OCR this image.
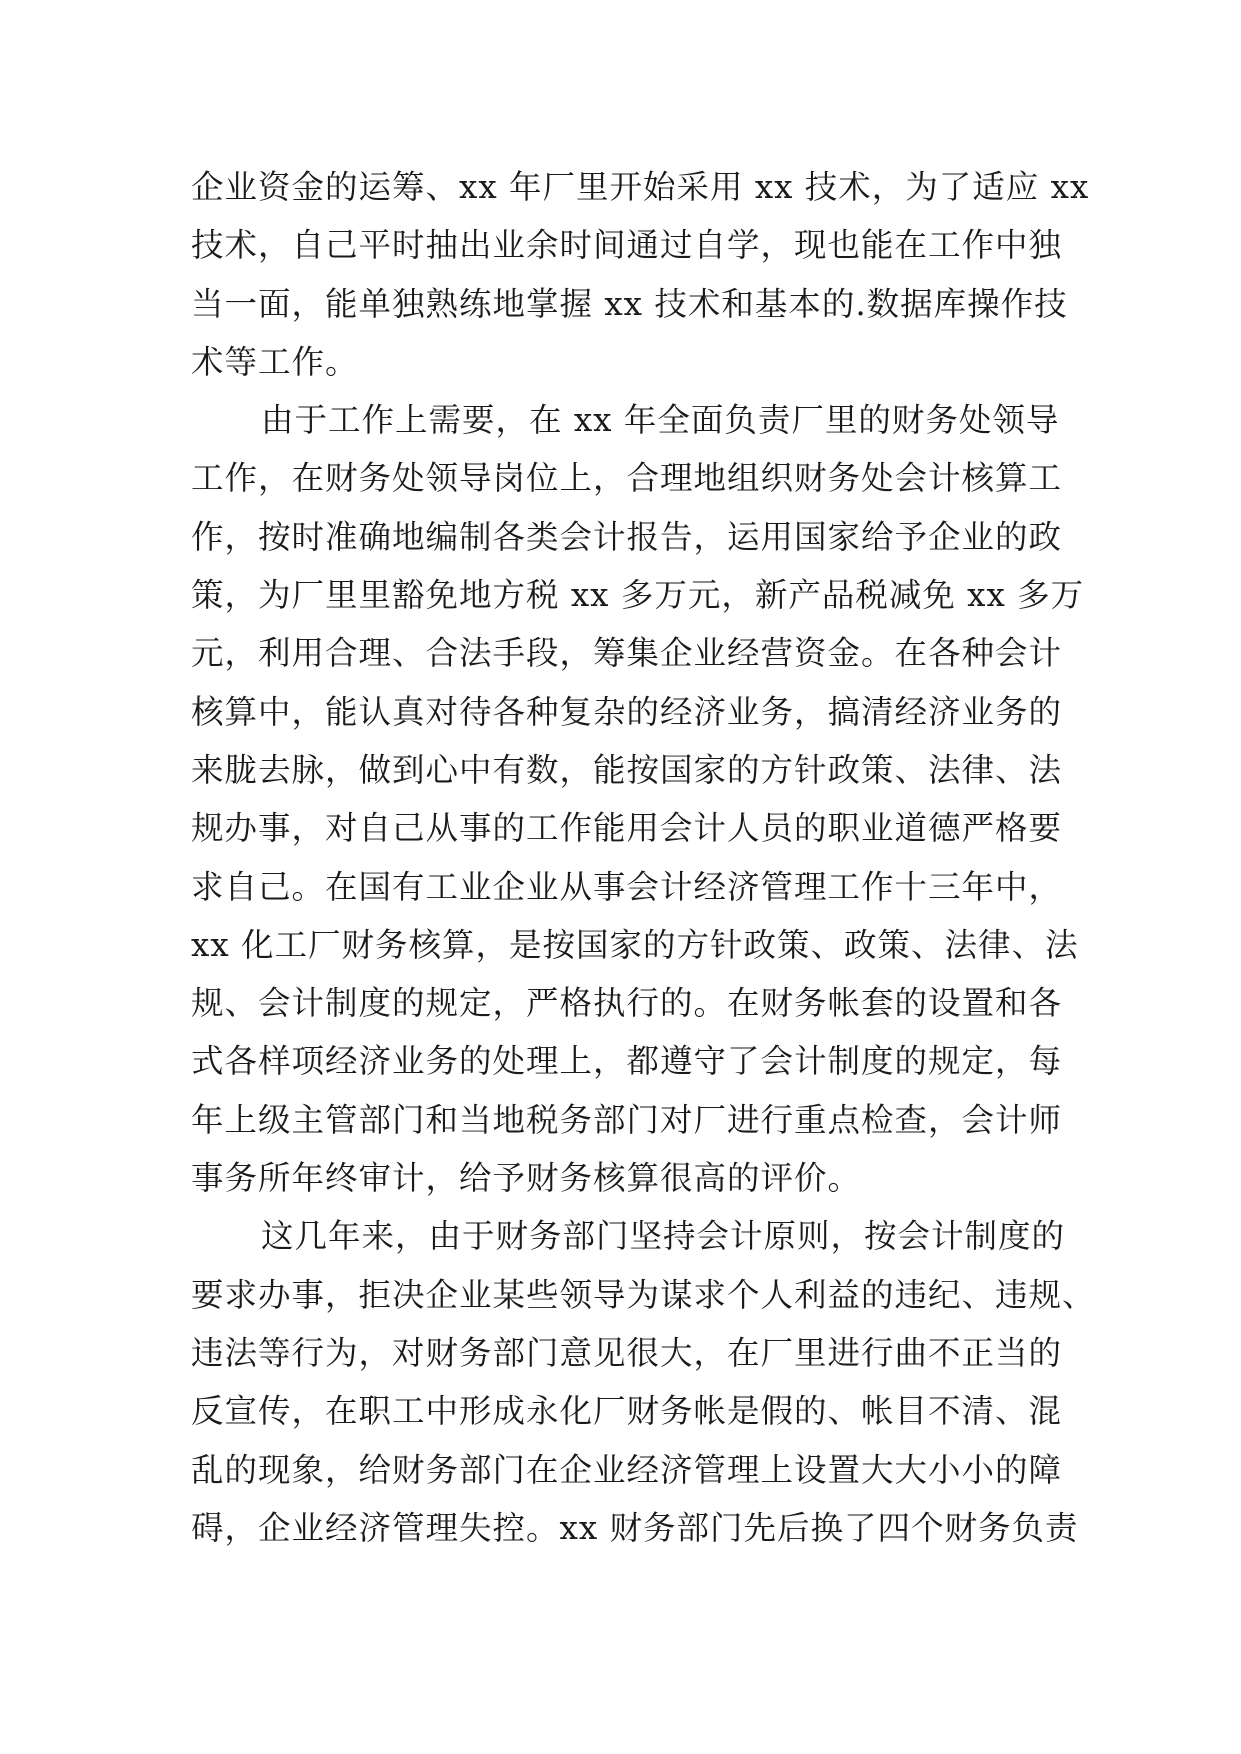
企业资金的运筹、xx 年厂里开始采用 xx 技术，为了适应 xx
技术，自己平时抽出业余时间通过自学，现也能在工作中独
当一面，能单独熟练地掌握 xx 技术和基本的.数据库操作技
术等工作。
由于工作上需要，在 xx 年全面负责厂里的财务处领导
工作，在财务处领导岗位上，合理地组织财务处会计核算工
作，按时准确地编制各类会计报告，运用国家给予企业的政
策，为厂里里豁免地方税 xx 多万元，新产品税减免 xx 多万
元，利用合理、合法手段，筹集企业经营资金。在各种会计
核算中，能认真对待各种复杂的经济业务，搞清经济业务的
来胧去脉，做到心中有数，能按国家的方针政策、法律、法
规办事，对自己从事的工作能用会计人员的职业道德严格要
求自己。在国有工业企业从事会计经济管理工作十三年中，
xx 化工厂财务核算，是按国家的方针政策、政策、法律、法
规、会计制度的规定，严格执行的。在财务帐套的设置和各
式各样项经济业务的处理上，都遵守了会计制度的规定，每
年上级主管部门和当地税务部门对厂进行重点检查，会计师
事务所年终审计，给予财务核算很高的评价。
这几年来，由于财务部门坚持会计原则，按会计制度的
要求办事，拒决企业某些领导为谋求个人利益的违纪、违规、
违法等行为，对财务部门意见很大，在厂里进行曲不正当的
反宣传，在职工中形成永化厂财务帐是假的、帐目不清、混
乱的现象，给财务部门在企业经济管理上设置大大小小的障
碍，企业经济管理失控。xx 财务部门先后换了四个财务负责
